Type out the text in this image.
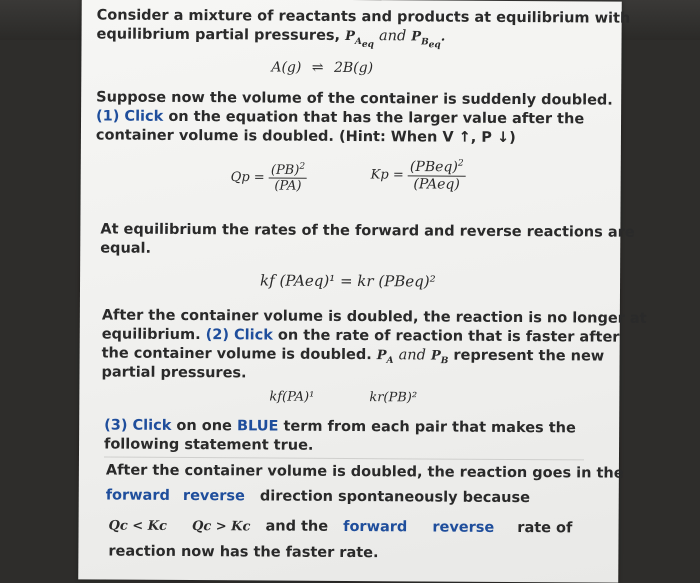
Consider a mixture of reactants and products at equilibrium with
equilibrium partial pressures, $P_{A_{eq}}$ and $P_{B_{eq}}$.
A(g) ⇌ 2B(g)
Suppose now the volume of the container is suddenly doubled.
(1) Click on the equation that has the larger value after the
container volume is doubled. (Hint: When V ↑, P ↓)
$Qp = \frac{(PB)^2}{(PA)}$	$Kp = \frac{(PBeq)^2}{\text{(PAeq)}}$
At equilibrium the rates of the forward and reverse reactions are
equal.
kf (PAeq)¹ = kr (PBeq)²
After the container volume is doubled, the reaction is no longer at
equilibrium. (2) Click on the rate of reaction that is faster after
the container volume is doubled. $P_A$ and $P_B$ represent the new
partial pressures.
kf(PA)¹	kr(PB)²
(3) Click on one BLUE term from each pair that makes the
following statement true.
After the container volume is doubled, the reaction goes in the
forward reverse direction spontaneously because
Qc < Kc Qc > Kc and the forward reverse rate of
reaction now has the faster rate.
